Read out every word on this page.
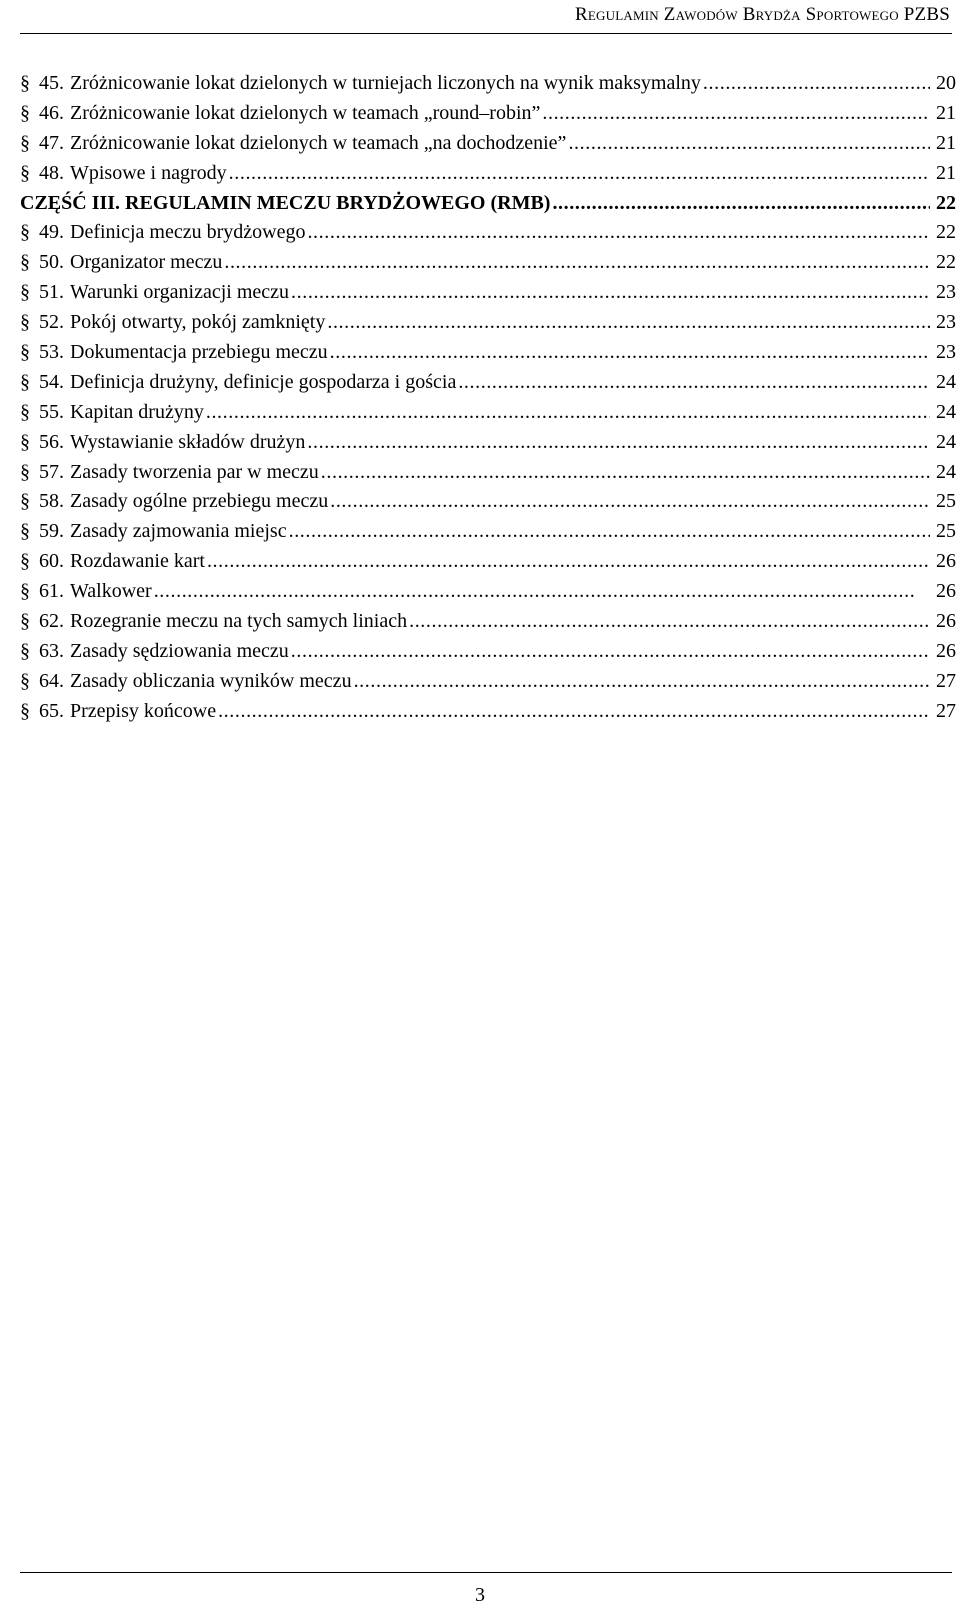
Regulamin Zawodów Brydża Sportowego PZBS
§ 45. Zróżnicowanie lokat dzielonych w turniejach liczonych na wynik maksymalny . . .	20
§ 46. Zróżnicowanie lokat dzielonych w teamach „round–robin” . . .	21
§ 47. Zróżnicowanie lokat dzielonych w teamach „na dochodzenie” . . .	21
§ 48. Wpisowe i nagrody . . .	21
CZĘŚĆ III. REGULAMIN MECZU BRYDŻOWEGO (RMB) . . .	22
§ 49. Definicja meczu brydżowego . . .	22
§ 50. Organizator meczu . . .	22
§ 51. Warunki organizacji meczu . . .	23
§ 52. Pokój otwarty, pokój zamknięty . . .	23
§ 53. Dokumentacja przebiegu meczu . . .	23
§ 54. Definicja drużyny, definicje gospodarza i gościa . . .	24
§ 55. Kapitan drużyny . . .	24
§ 56. Wystawianie składów drużyn . . .	24
§ 57. Zasady tworzenia par w meczu . . .	24
§ 58. Zasady ogólne przebiegu meczu . . .	25
§ 59. Zasady zajmowania miejsc . . .	25
§ 60. Rozdawanie kart . . .	26
§ 61. Walkower . . .	26
§ 62. Rozegranie meczu na tych samych liniach . . .	26
§ 63. Zasady sędziowania meczu . . .	26
§ 64. Zasady obliczania wyników meczu . . .	27
§ 65. Przepisy końcowe . . .	27
3
